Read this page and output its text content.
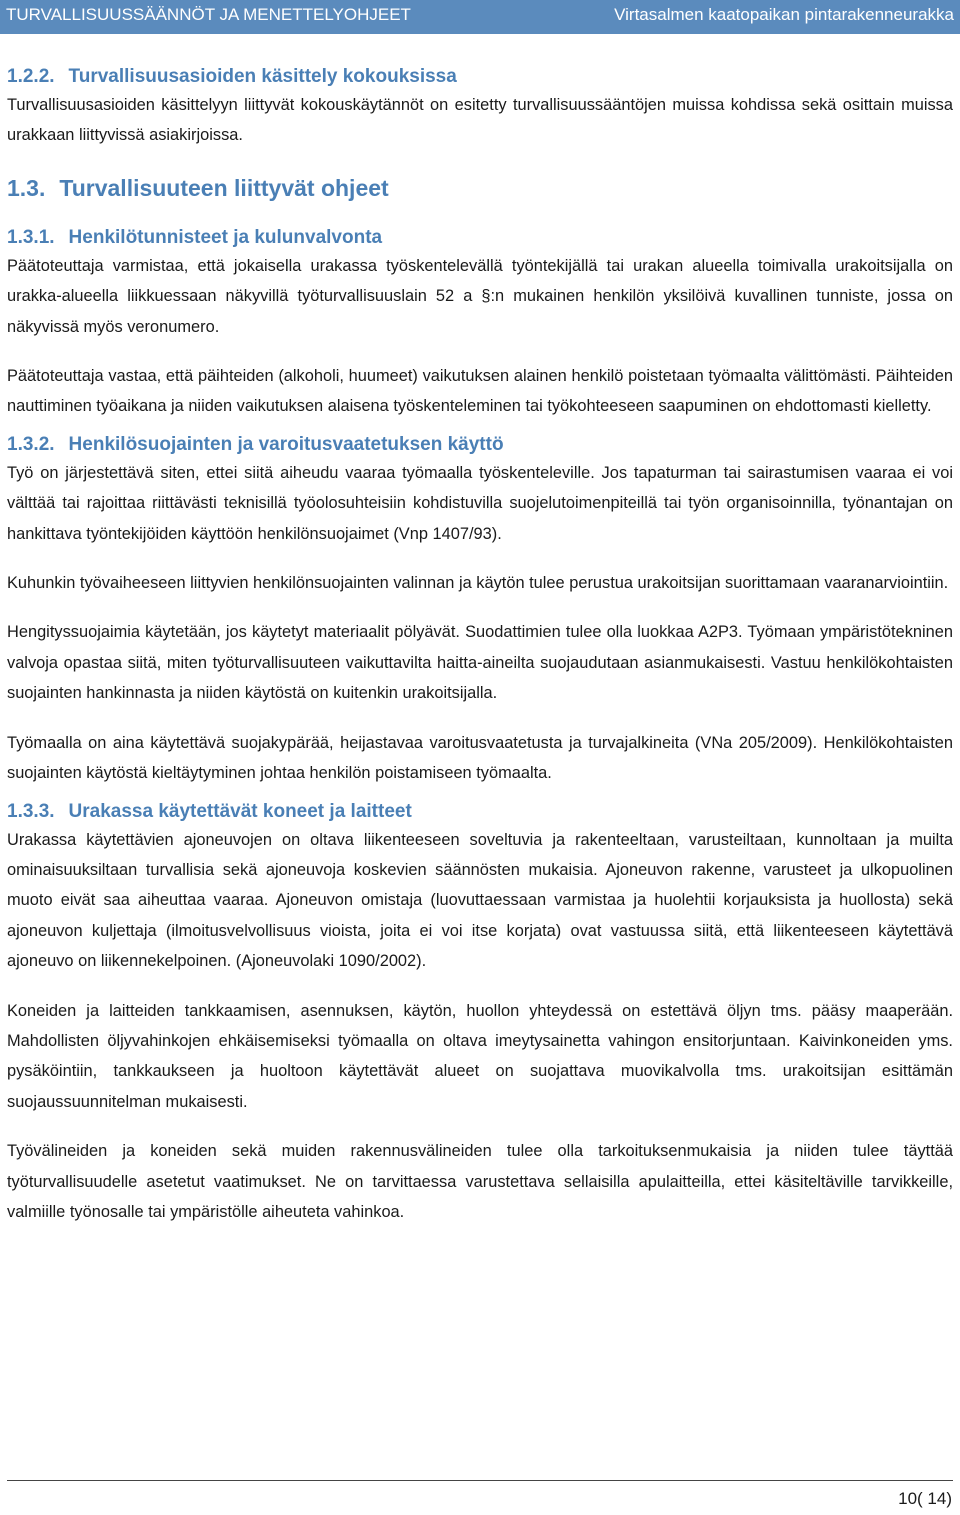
TURVALLISUUSSÄÄNNÖT JA MENETTELYOHJEET	Virtasalmen kaatopaikan pintarakenneurakka
1.2.2. Turvallisuusasioiden käsittely kokouksissa

Turvallisuusasioiden käsittelyyn liittyvät kokouskäytännöt on esitetty turvallisuussääntöjen muissa kohdissa sekä osittain muissa urakkaan liittyvissä asiakirjoissa.

1.3. Turvallisuuteen liittyvät ohjeet
1.3.1. Henkilötunnisteet ja kulunvalvonta

Päätoteuttaja varmistaa, että jokaisella urakassa työskentelevällä työntekijällä tai urakan alueella toimivalla urakoitsijalla on urakka-alueella liikkuessaan näkyvillä työturvallisuuslain 52 a §:n mukainen henkilön yksilöivä kuvallinen tunniste, jossa on näkyvissä myös veronumero.

Päätoteuttaja vastaa, että päihteiden (alkoholi, huumeet) vaikutuksen alainen henkilö poistetaan työmaalta välittömästi. Päihteiden nauttiminen työaikana ja niiden vaikutuksen alaisena työskenteleminen tai työkohteeseen saapuminen on ehdottomasti kielletty.

1.3.2. Henkilösuojainten ja varoitusvaatetuksen käyttö

Työ on järjestettävä siten, ettei siitä aiheudu vaaraa työmaalla työskenteleville. Jos tapaturman tai sairastumisen vaaraa ei voi välttää tai rajoittaa riittävästi teknisillä työolosuhteisiin kohdistuvilla suojelutoimenpiteillä tai työn organisoinnilla, työnantajan on hankittava työntekijöiden käyttöön henkilönsuojaimet (Vnp 1407/93).

Kuhunkin työvaiheeseen liittyvien henkilönsuojainten valinnan ja käytön tulee perustua urakoitsijan suorittamaan vaaranarviointiin.

Hengityssuojaimia käytetään, jos käytetyt materiaalit pölyävät. Suodattimien tulee olla luokkaa A2P3. Työmaan ympäristötekninen valvoja opastaa siitä, miten työturvallisuuteen vaikuttavilta haitta-aineilta suojaudutaan asianmukaisesti. Vastuu henkilökohtaisten suojainten hankinnasta ja niiden käytöstä on kuitenkin urakoitsijalla.

Työmaalla on aina käytettävä suojakypärää, heijastavaa varoitusvaatetusta ja turvajalkineita (VNa 205/2009). Henkilökohtaisten suojainten käytöstä kieltäytyminen johtaa henkilön poistamiseen työmaalta.

1.3.3. Urakassa käytettävät koneet ja laitteet

Urakassa käytettävien ajoneuvojen on oltava liikenteeseen soveltuvia ja rakenteeltaan, varusteiltaan, kunnoltaan ja muilta ominaisuuksiltaan turvallisia sekä ajoneuvoja koskevien säännösten mukaisia. Ajoneuvon rakenne, varusteet ja ulkopuolinen muoto eivät saa aiheuttaa vaaraa. Ajoneuvon omistaja (luovuttaessaan varmistaa ja huolehtii korjauksista ja huollosta) sekä ajoneuvon kuljettaja (ilmoitusvelvollisuus vioista, joita ei voi itse korjata) ovat vastuussa siitä, että liikenteeseen käytettävä ajoneuvo on liikennekelpoinen. (Ajoneuvolaki 1090/2002).

Koneiden ja laitteiden tankkaamisen, asennuksen, käytön, huollon yhteydessä on estettävä öljyn tms. pääsy maaperään. Mahdollisten öljyvahinkojen ehkäisemiseksi työmaalla on oltava imeytysainetta vahingon ensitorjuntaan. Kaivinkoneiden yms. pysäköintiin, tankkaukseen ja huoltoon käytettävät alueet on suojattava muovikalvolla tms. urakoitsijan esittämän suojaussuunnitelman mukaisesti.

Työvälineiden ja koneiden sekä muiden rakennusvälineiden tulee olla tarkoituksenmukaisia ja niiden tulee täyttää työturvallisuudelle asetetut vaatimukset. Ne on tarvittaessa varustettava sellaisilla apulaitteilla, ettei käsiteltäville tarvikkeille, valmiille työnosalle tai ympäristölle aiheuteta vahinkoa.

10( 14)
